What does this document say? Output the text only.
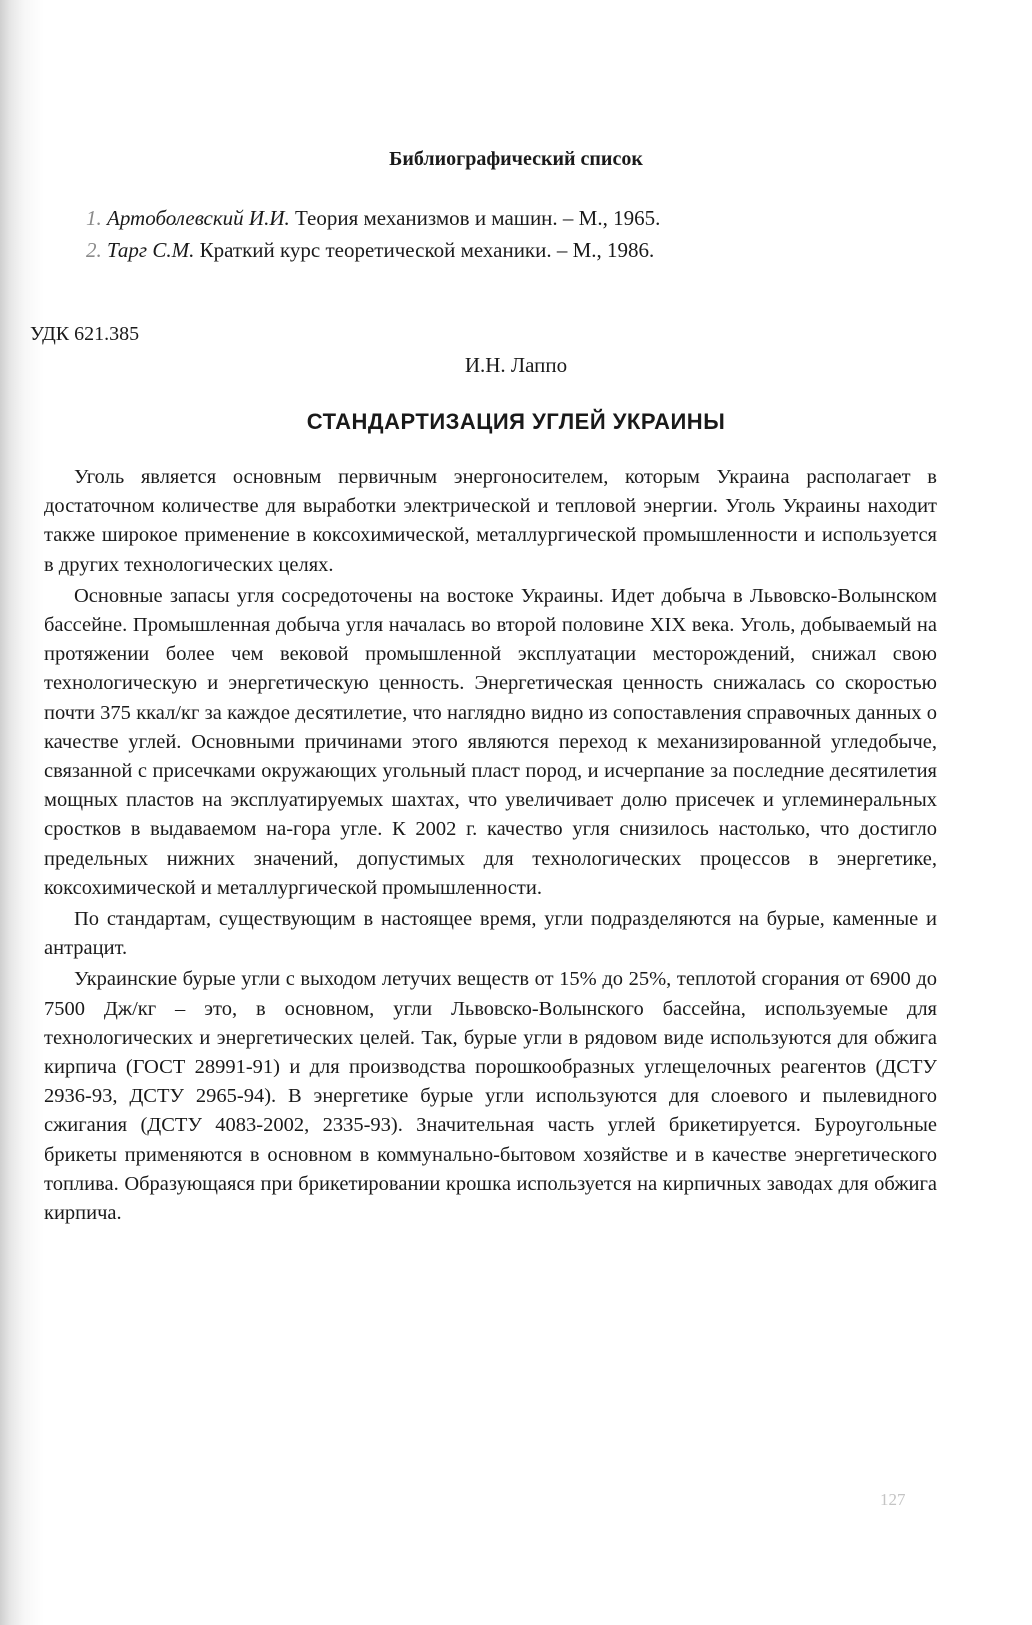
Библиографический список
1. Артоболевский И.И. Теория механизмов и машин. – М., 1965.
2. Тарг С.М. Краткий курс теоретической механики. – М., 1986.

УДК 621.385

И.Н. Лаппо

СТАНДАРТИЗАЦИЯ УГЛЕЙ УКРАИНЫ

Уголь является основным первичным энергоносителем, которым Украина располагает в достаточном количестве для выработки электрической и тепловой энергии. Уголь Украины находит также широкое применение в коксохимической, металлургической промышленности и используется в других технологических целях.

Основные запасы угля сосредоточены на востоке Украины. Идет добыча в Львовско-Волынском бассейне. Промышленная добыча угля началась во второй половине XIX века. Уголь, добываемый на протяжении более чем вековой промышленной эксплуатации месторождений, снижал свою технологическую и энергетическую ценность. Энергетическая ценность снижалась со скоростью почти 375 ккал/кг за каждое десятилетие, что наглядно видно из сопоставления справочных данных о качестве углей. Основными причинами этого являются переход к механизированной угледобыче, связанной с присечками окружающих угольный пласт пород, и исчерпание за последние десятилетия мощных пластов на эксплуатируемых шахтах, что увеличивает долю присечек и углеминеральных сростков в выдаваемом на-гора угле. К 2002 г. качество угля снизилось настолько, что достигло предельных нижних значений, допустимых для технологических процессов в энергетике, коксохимической и металлургической промышленности.

По стандартам, существующим в настоящее время, угли подразделяются на бурые, каменные и антрацит.

Украинские бурые угли с выходом летучих веществ от 15% до 25%, теплотой сгорания от 6900 до 7500 Дж/кг – это, в основном, угли Львовско-Волынского бассейна, используемые для технологических и энергетических целей. Так, бурые угли в рядовом виде используются для обжига кирпича (ГОСТ 28991-91) и для производства порошкообразных углещелочных реагентов (ДСТУ 2936-93, ДСТУ 2965-94). В энергетике бурые угли используются для слоевого и пылевидного сжигания (ДСТУ 4083-2002, 2335-93). Значительная часть углей брикетируется. Буроугольные брикеты применяются в основном в коммунально-бытовом хозяйстве и в качестве энергетического топлива. Образующаяся при брикетировании крошка используется на кирпичных заводах для обжига кирпича.

127
